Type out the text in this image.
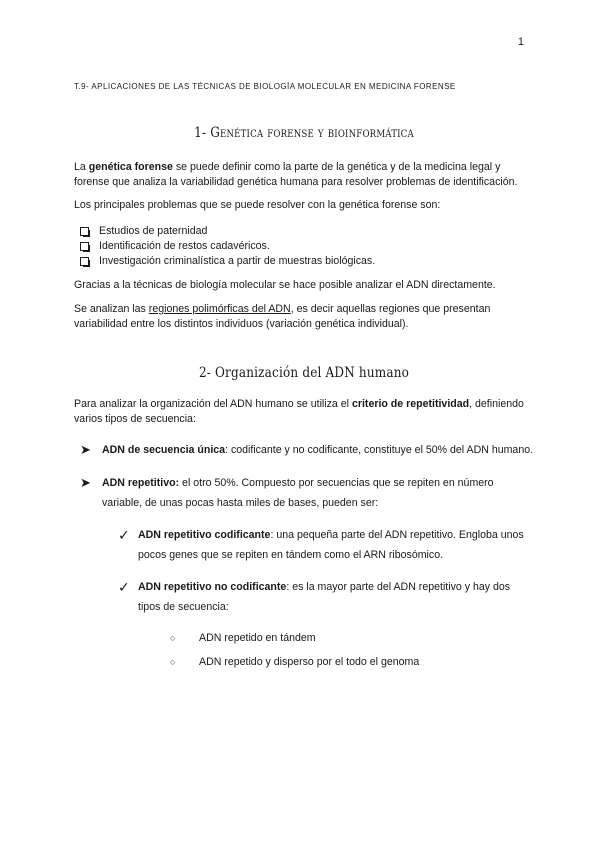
1
T.9- APLICACIONES DE LAS TÉCNICAS DE BIOLOGÍA MOLECULAR EN MEDICINA FORENSE
1- Genética forense y bioinformática

La genética forense se puede definir como la parte de la genética y de la medicina legal y forense que analiza la variabilidad genética humana para resolver problemas de identificación.

Los principales problemas que se puede resolver con la genética forense son:

Estudios de paternidad
Identificación de restos cadavéricos.
Investigación criminalística a partir de muestras biológicas.

Gracias a la técnicas de biología molecular se hace posible analizar el ADN directamente.

Se analizan las regiones polimórficas del ADN, es decir aquellas regiones que presentan variabilidad entre los distintos individuos (variación genética individual).

2- Organización del ADN humano

Para analizar la organización del ADN humano se utiliza el criterio de repetitividad, definiendo varios tipos de secuencia:

➤	ADN de secuencia única: codificante y no codificante, constituye el 50% del ADN humano.
➤	ADN repetitivo: el otro 50%. Compuesto por secuencias que se repiten en número variable, de unas pocas hasta miles de bases, pueden ser:
✓ ADN repetitivo codificante: una pequeña parte del ADN repetitivo. Engloba unos pocos genes que se repiten en tándem como el ARN ribosómico.
✓ ADN repetitivo no codificante: es la mayor parte del ADN repetitivo y hay dos tipos de secuencia:
○	ADN repetido en tándem
○	ADN repetido y disperso por el todo el genoma
